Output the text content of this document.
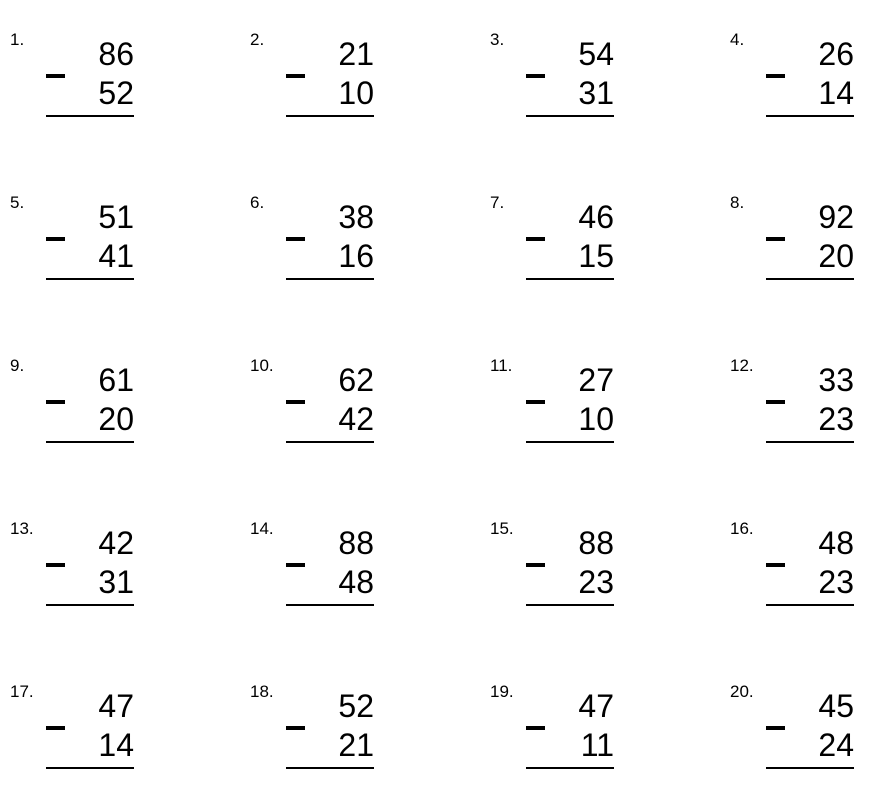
1. 86
52
2. 21
10
3. 54
31
4. 26
14
5. 51
41
6. 38
16
7. 46
15
8. 92
20
9. 61
20
10. 62
42
11. 27
10
12. 33
23
13. 42
31
14. 88
48
15. 88
23
16. 48
23
17. 47
14
18. 52
21
19. 47
11
20. 45
24
